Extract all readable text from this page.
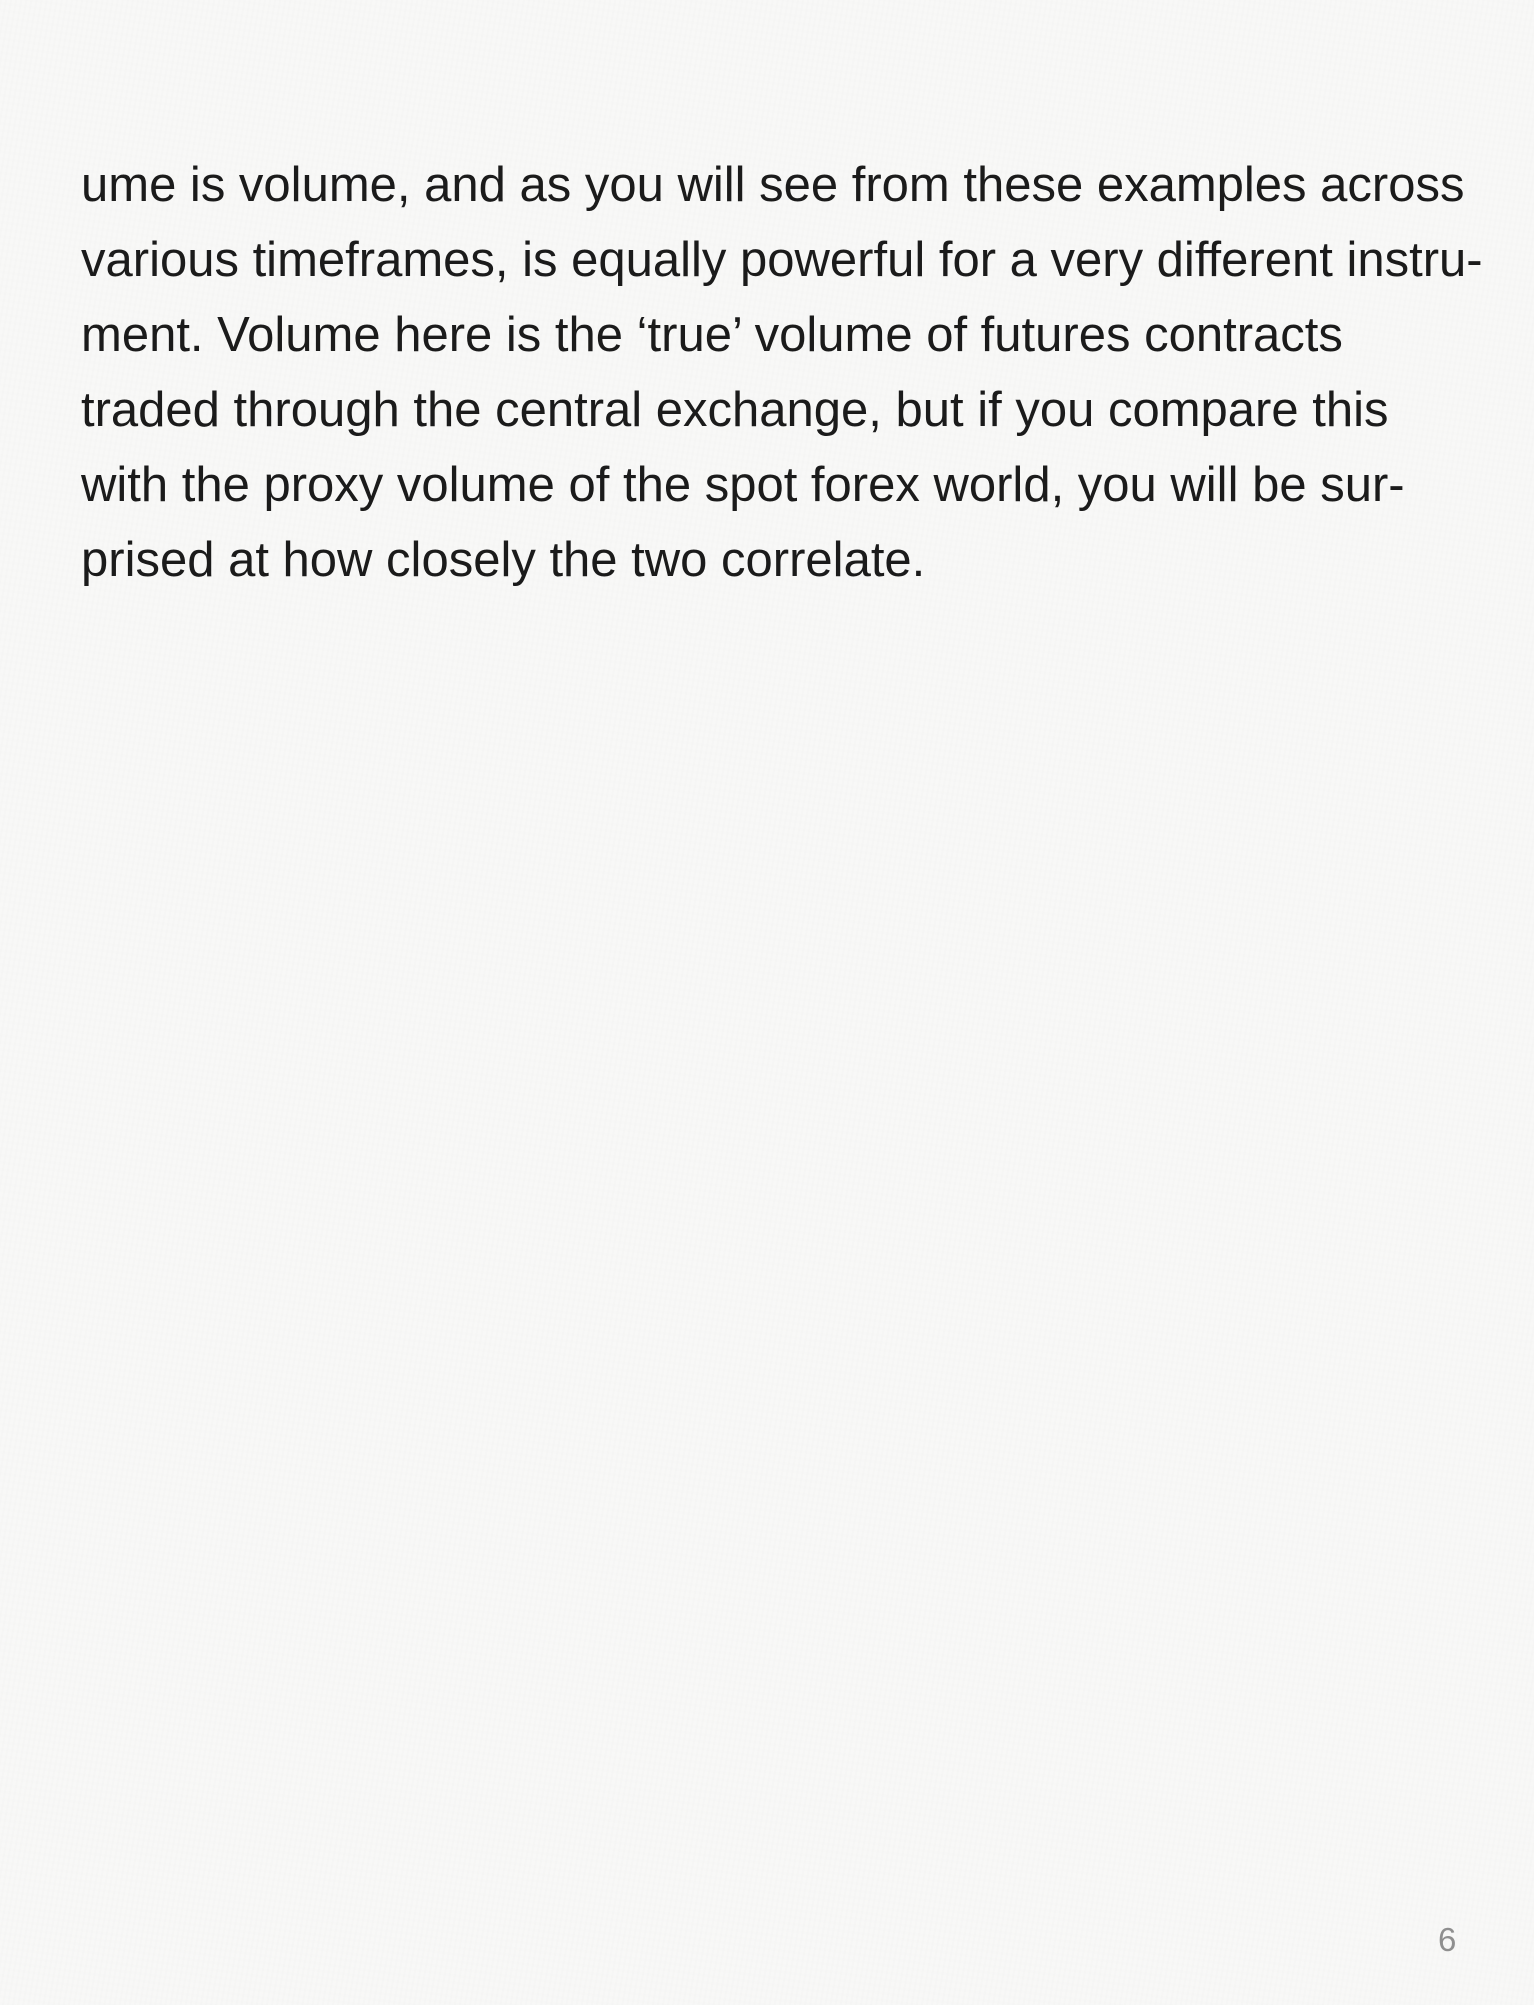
ume is volume, and as you will see from these examples across
various timeframes, is equally powerful for a very different instru-
ment. Volume here is the ‘true’ volume of futures contracts
traded through the central exchange, but if you compare this
with the proxy volume of the spot forex world, you will be sur-
prised at how closely the two correlate.
6
